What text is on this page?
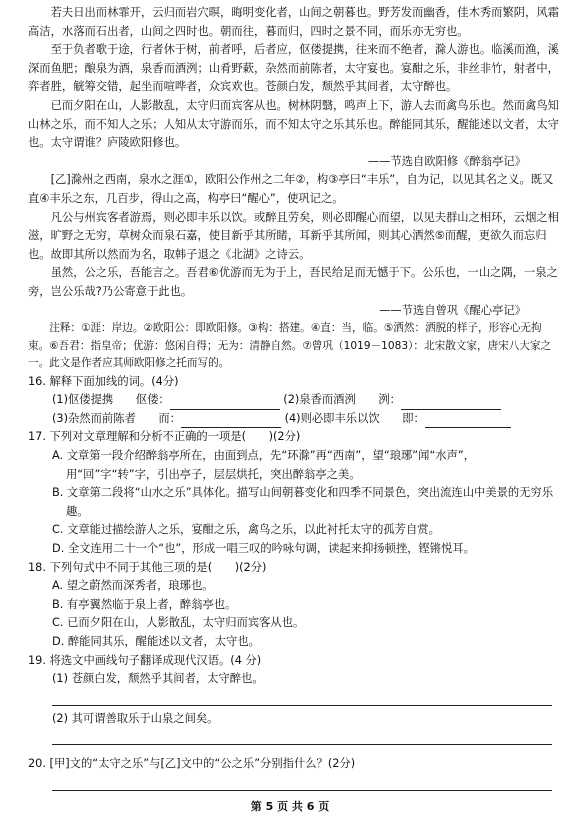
若夫日出而林霏开，云归而岩穴暝，晦明变化者，山间之朝暮也。野芳发而幽香，佳木秀而繁阴，风霜高洁，水落而石出者，山间之四时也。朝而往，暮而归，四时之景不同，而乐亦无穷也。

至于负者歌于途，行者休于树，前者呼，后者应，伛偻提携，往来而不绝者，滁人游也。临溪而渔，溪深而鱼肥；酿泉为酒，泉香而酒洌；山肴野蔌，杂然而前陈者，太守宴也。宴酣之乐，非丝非竹，射者中，弈者胜，觥筹交错，起坐而喧哗者，众宾欢也。苍颜白发，颓然乎其间者，太守醉也。

已而夕阳在山，人影散乱，太守归而宾客从也。树林阴翳，鸣声上下，游人去而禽鸟乐也。然而禽鸟知山林之乐，而不知人之乐；人知从太守游而乐，而不知太守之乐其乐也。醉能同其乐，醒能述以文者，太守也。太守谓谁？庐陵欧阳修也。

——节选自欧阳修《醉翁亭记》

[乙]滁州之西南，泉水之涯①，欧阳公作州之二年②，构③亭曰“丰乐”，自为记，以见其名之义。既又直④丰乐之东，几百步，得山之高，构亭曰“醒心”，使巩记之。

凡公与州宾客者游焉，则必即丰乐以饮。或醉且劳矣，则必即醒心而望，以见夫群山之相环，云烟之相滋，旷野之无穷，草树众而泉石嘉，使目新乎其所睹，耳新乎其所闻，则其心洒然⑤而醒，更欲久而忘归也。故即其所以然而为名，取韩子退之《北湖》之诗云。

虽然，公之乐，吾能言之。吾君⑥优游而无为于上，吾民给足而无憾于下。公乐也，一山之隅，一泉之旁，岂公乐哉?乃公寄意于此也。

——节选自曾巩《醒心亭记》

注释：①涯：岸边。②欧阳公：即欧阳修。③构：搭建。④直：当，临。⑤洒然：洒脱的样子，形容心无拘束。⑥吾君：指皇帝；优游：悠闲自得；无为：清静自然。⑦曾巩（1019－1083）：北宋散文家，唐宋八大家之一。此文是作者应其师欧阳修之托而写的。

16. 解释下面加线的词。(4分)

(1)伛偻提携　　伛偻：	(2)泉香而酒洌　　洌：

(3)杂然而前陈者　　而：	(4)则必即丰乐以饮　　即：

17. 下列对文章理解和分析不正确的一项是(　　)(2分)

A. 文章第一段介绍醉翁亭所在，由面到点，先“环滁”再“西南”，望“琅琊”闻“水声”，用“回”字“转”字，引出亭子，层层烘托，突出醉翁亭之美。

B. 文章第二段将“山水之乐”具体化。描写山间朝暮变化和四季不同景色，突出流连山中美景的无穷乐趣。

C. 文章能过描绘游人之乐，宴酣之乐，禽鸟之乐，以此衬托太守的孤芳自赏。

D. 全文连用二十一个“也”，形成一唱三叹的吟咏句调，读起来抑扬顿挫，铿锵悦耳。

18. 下列句式中不同于其他三项的是(　　)(2分)

A. 望之蔚然而深秀者，琅琊也。

B. 有亭翼然临于泉上者，醉翁亭也。

C. 已而夕阳在山，人影散乱，太守归而宾客从也。

D. 醉能同其乐，醒能述以文者，太守也。

19. 将选文中画线句子翻译成现代汉语。(4 分)

(1) 苍颜白发，颓然乎其间者，太守醉也。

(2) 其可谓善取乐于山泉之间矣。

20. [甲]文的“太守之乐”与[乙]文中的“公之乐”分别指什么？(2分)

第 5 页 共 6 页
